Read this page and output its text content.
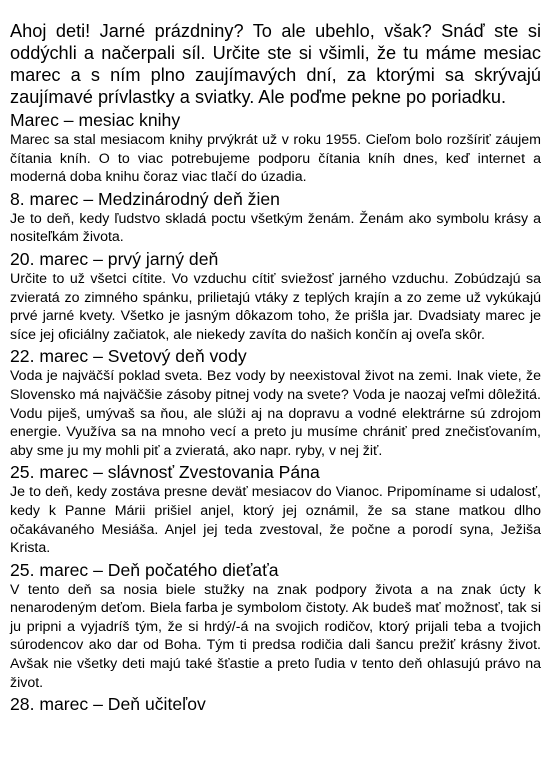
Ahoj deti! Jarné prázdniny? To ale ubehlo, však? Snáď ste si oddýchli a načerpali síl. Určite ste si všimli, že tu máme mesiac marec a s ním plno zaujímavých dní, za ktorými sa skrývajú zaujímavé prívlastky a sviatky. Ale poďme pekne po poriadku.

Marec – mesiac knihy

Marec sa stal mesiacom knihy prvýkrát už v roku 1955. Cieľom bolo rozšíriť záujem čítania kníh. O to viac potrebujeme podporu čítania kníh dnes, keď internet a moderná doba knihu čoraz viac tlačí do úzadia.

8. marec – Medzinárodný deň žien

Je to deň, kedy ľudstvo skladá poctu všetkým ženám. Ženám ako symbolu krásy a nositeľkám života.

20. marec – prvý jarný deň

Určite to už všetci cítite. Vo vzduchu cítiť sviežosť jarného vzduchu. Zobúdzajú sa zvieratá zo zimného spánku, prilietajú vtáky z teplých krajín a zo zeme už vykúkajú prvé jarné kvety. Všetko je jasným dôkazom toho, že prišla jar. Dvadsiaty marec je síce jej oficiálny začiatok, ale niekedy zavíta do našich končín aj oveľa skôr.

22. marec – Svetový deň vody

Voda je najväčší poklad sveta. Bez vody by neexistoval život na zemi. Inak viete, že Slovensko má najväčšie zásoby pitnej vody na svete? Voda je naozaj veľmi dôležitá. Vodu piješ, umývaš sa ňou, ale slúži aj na dopravu a vodné elektrárne sú zdrojom energie. Využíva sa na mnoho vecí a preto ju musíme chrániť pred znečisťovaním, aby sme ju my mohli piť a zvieratá, ako napr. ryby, v nej žiť.

25. marec – slávnosť Zvestovania Pána

Je to deň, kedy zostáva presne deväť mesiacov do Vianoc. Pripomíname si udalosť, kedy k Panne Márii prišiel anjel, ktorý jej oznámil, že sa stane matkou dlho očakávaného Mesiáša. Anjel jej teda zvestoval, že počne a porodí syna, Ježiša Krista.

25. marec – Deň počatého dieťaťa

V tento deň sa nosia biele stužky na znak podpory života a na znak úcty k nenarodeným deťom. Biela farba je symbolom čistoty. Ak budeš mať možnosť, tak si ju pripni a vyjadríš tým, že si hrdý/-á na svojich rodičov, ktorý prijali teba a tvojich súrodencov ako dar od Boha. Tým ti predsa rodičia dali šancu prežiť krásny život. Avšak nie všetky deti majú také šťastie a preto ľudia v tento deň ohlasujú právo na život.

28. marec – Deň učiteľov
